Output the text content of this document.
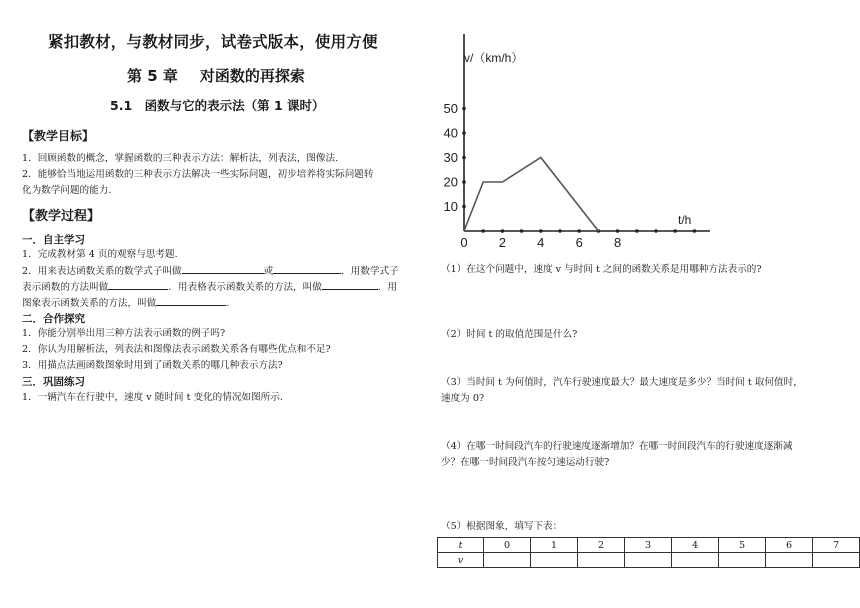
紧扣教材，与教材同步，试卷式版本，使用方便
第 5 章 对函数的再探索
5.1　函数与它的表示法（第 1 课时）
【教学目标】
1．回顾函数的概念，掌握函数的三种表示方法：解析法，列表法，图像法.
2．能够恰当地运用函数的三种表示方法解决一些实际问题，初步培养将实际问题转
化为数学问题的能力.
【教学过程】
一．自主学习
1．完成教材第 4 页的观察与思考题.
2．用来表达函数关系的数学式子叫做	或	．用数学式子
表示函数的方法叫做	．用表格表示函数关系的方法，叫做	．用
图象表示函数关系的方法，叫做	.
二．合作探究
1．你能分别举出用三种方法表示函数的例子吗?
2．你认为用解析法，列表法和图像法表示函数关系各有哪些优点和不足?
3．用描点法画函数图象时用到了函数关系的哪几种表示方法?
三．巩固练习
1．一辆汽车在行驶中，速度 v 随时间 t 变化的情况如图所示.
10
20
30
40
50
0 2 4 6 8
v/（km/h）
t/h
（1）在这个问题中，速度 v 与时间 t 之间的函数关系是用哪种方法表示的?
（2）时间 t 的取值范围是什么?
（3）当时间 t 为何值时，汽车行驶速度最大？最大速度是多少？当时间 t 取何值时，
速度为 0?
（4）在哪一时间段汽车的行驶速度逐渐增加？在哪一时间段汽车的行驶速度逐渐减
少？在哪一时间段汽车按匀速运动行驶?
（5）根据图象，填写下表：
t	0	1	2	3	4	5	6	7
v								
